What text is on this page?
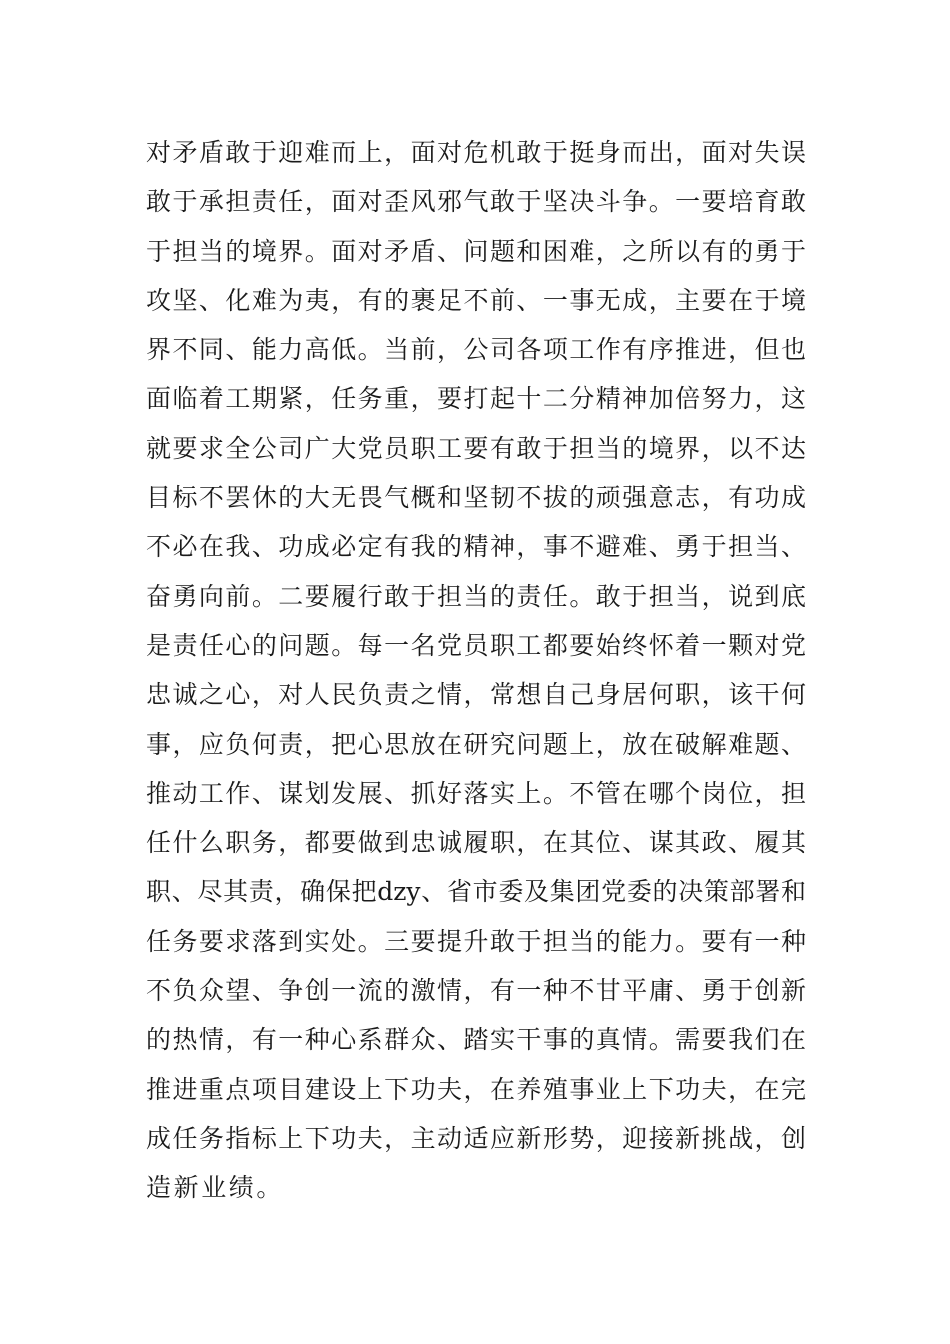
对矛盾敢于迎难而上，面对危机敢于挺身而出，面对失误
敢于承担责任，面对歪风邪气敢于坚决斗争。一要培育敢
于担当的境界。面对矛盾、问题和困难，之所以有的勇于
攻坚、化难为夷，有的裹足不前、一事无成，主要在于境
界不同、能力高低。当前，公司各项工作有序推进，但也
面临着工期紧，任务重，要打起十二分精神加倍努力，这
就要求全公司广大党员职工要有敢于担当的境界，以不达
目标不罢休的大无畏气概和坚韧不拔的顽强意志，有功成
不必在我、功成必定有我的精神，事不避难、勇于担当、
奋勇向前。二要履行敢于担当的责任。敢于担当，说到底
是责任心的问题。每一名党员职工都要始终怀着一颗对党
忠诚之心，对人民负责之情，常想自己身居何职，该干何
事，应负何责，把心思放在研究问题上，放在破解难题、
推动工作、谋划发展、抓好落实上。不管在哪个岗位，担
任什么职务，都要做到忠诚履职，在其位、谋其政、履其
职、尽其责，确保把dzy、省市委及集团党委的决策部署和
任务要求落到实处。三要提升敢于担当的能力。要有一种
不负众望、争创一流的激情，有一种不甘平庸、勇于创新
的热情，有一种心系群众、踏实干事的真情。需要我们在
推进重点项目建设上下功夫，在养殖事业上下功夫，在完
成任务指标上下功夫，主动适应新形势，迎接新挑战，创
造新业绩。
